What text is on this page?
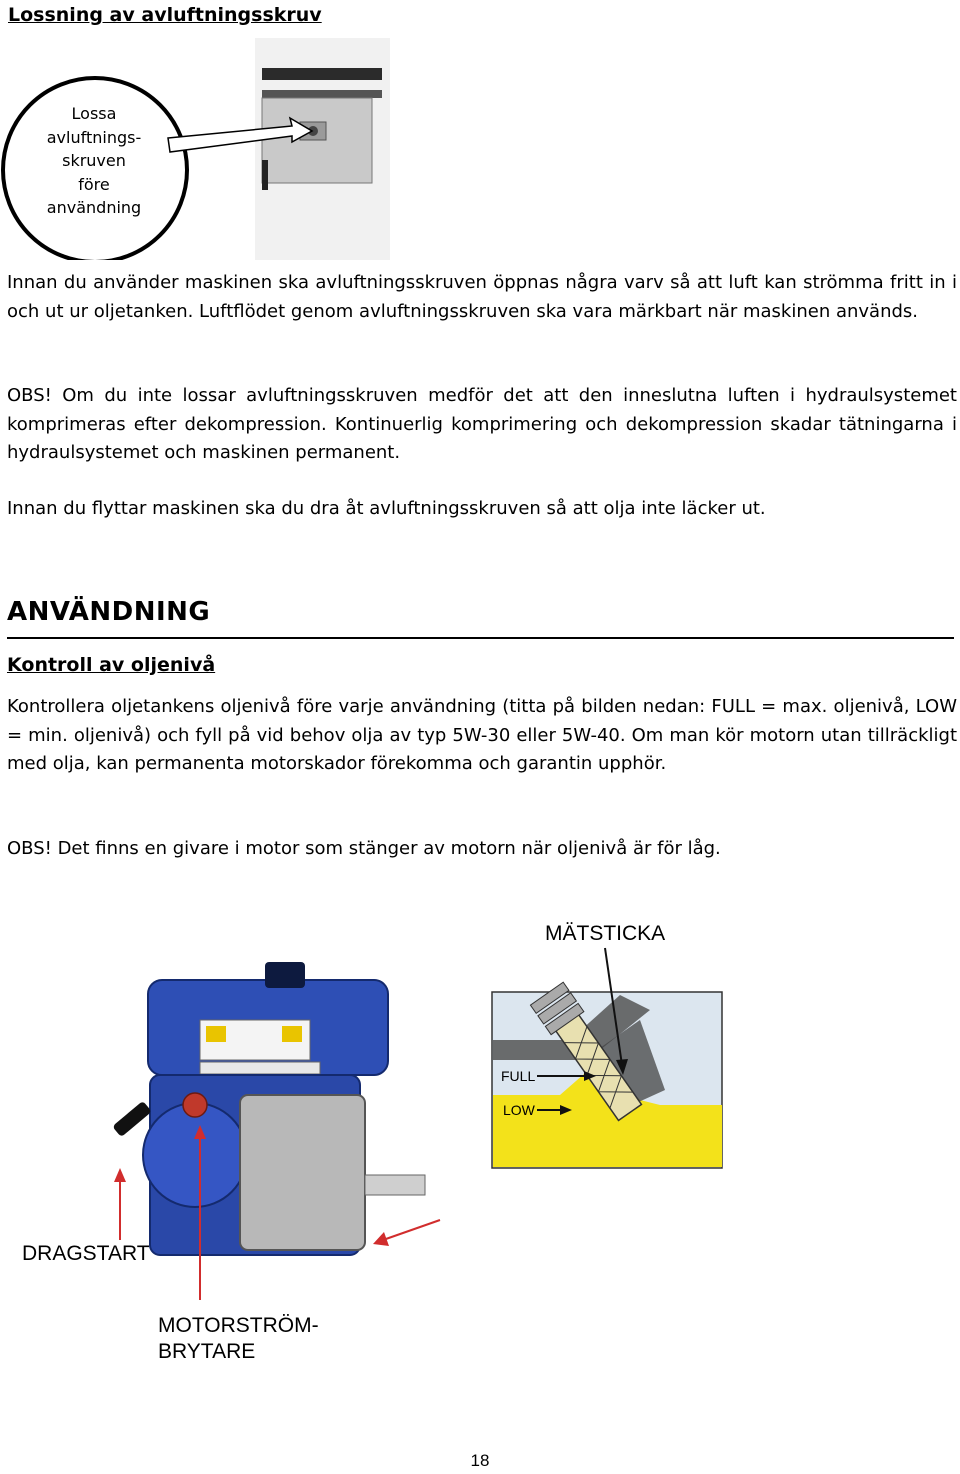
Lossning av avluftningsskruv
Lossa
avluftnings-
skruven
före
användning

Innan du använder maskinen ska avluftningsskruven öppnas några varv så att luft kan strömma fritt in i och ut ur oljetanken. Luftflödet genom avluftningsskruven ska vara märkbart när maskinen används.

OBS! Om du inte lossar avluftningsskruven medför det att den inneslutna luften i hydraulsystemet komprimeras efter dekompression. Kontinuerlig komprimering och dekompression skadar tätningarna i hydraulsystemet och maskinen permanent.

Innan du flyttar maskinen ska du dra åt avluftningsskruven så att olja inte läcker ut.

ANVÄNDNING
Kontroll av oljenivå

Kontrollera oljetankens oljenivå före varje användning (titta på bilden nedan: FULL = max. oljenivå, LOW = min. oljenivå) och fyll på vid behov olja av typ 5W-30 eller 5W-40. Om man kör motorn utan tillräckligt med olja, kan permanenta motorskador förekomma och garantin upphör.

OBS! Det finns en givare i motor som stänger av motorn när oljenivå är för låg.

MÄTSTICKA
FULL
LOW
DRAGSTART
MOTORSTRÖM-
BRYTARE
18
